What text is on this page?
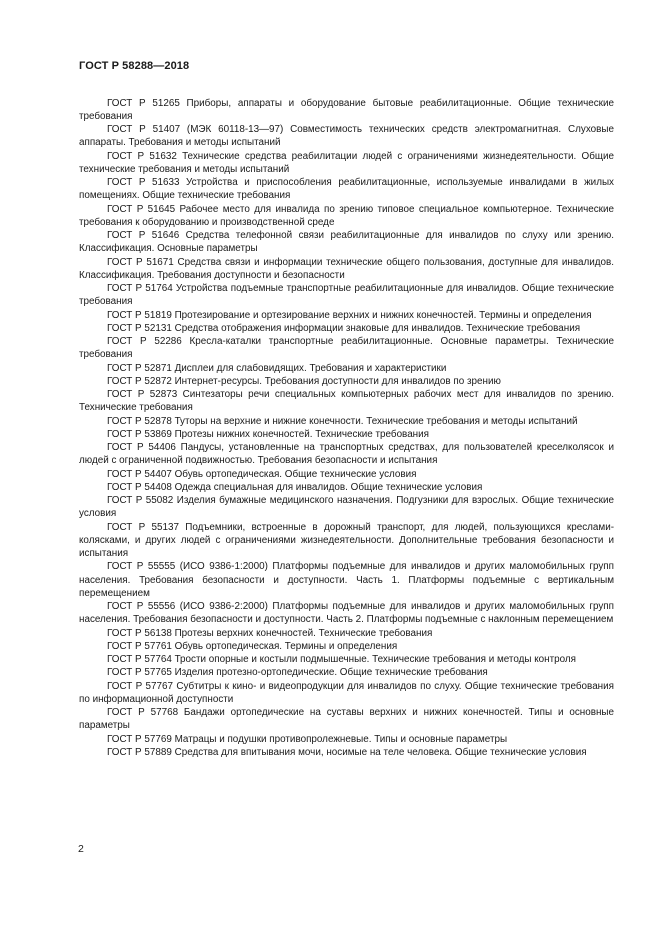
ГОСТ Р 58288—2018

ГОСТ Р 51265 Приборы, аппараты и оборудование бытовые реабилитационные. Общие технические требования

ГОСТ Р 51407 (МЭК 60118-13—97) Совместимость технических средств электромагнитная. Слуховые аппараты. Требования и методы испытаний

ГОСТ Р 51632 Технические средства реабилитации людей с ограничениями жизнедеятельности. Общие технические требования и методы испытаний

ГОСТ Р 51633 Устройства и приспособления реабилитационные, используемые инвалидами в жилых помещениях. Общие технические требования

ГОСТ Р 51645 Рабочее место для инвалида по зрению типовое специальное компьютерное. Технические требования к оборудованию и производственной среде

ГОСТ Р 51646 Средства телефонной связи реабилитационные для инвалидов по слуху или зрению. Классификация. Основные параметры

ГОСТ Р 51671 Средства связи и информации технические общего пользования, доступные для инвалидов. Классификация. Требования доступности и безопасности

ГОСТ Р 51764 Устройства подъемные транспортные реабилитационные для инвалидов. Общие технические требования

ГОСТ Р 51819 Протезирование и ортезирование верхних и нижних конечностей. Термины и определения

ГОСТ Р 52131 Средства отображения информации знаковые для инвалидов. Технические требования

ГОСТ Р 52286 Кресла-каталки транспортные реабилитационные. Основные параметры. Технические требования

ГОСТ Р 52871 Дисплеи для слабовидящих. Требования и характеристики

ГОСТ Р 52872 Интернет-ресурсы. Требования доступности для инвалидов по зрению

ГОСТ Р 52873 Синтезаторы речи специальных компьютерных рабочих мест для инвалидов по зрению. Технические требования

ГОСТ Р 52878 Туторы на верхние и нижние конечности. Технические требования и методы испытаний

ГОСТ Р 53869 Протезы нижних конечностей. Технические требования

ГОСТ Р 54406 Пандусы, установленные на транспортных средствах, для пользователей креселколясок и людей с ограниченной подвижностью. Требования безопасности и испытания

ГОСТ Р 54407 Обувь ортопедическая. Общие технические условия

ГОСТ Р 54408 Одежда специальная для инвалидов. Общие технические условия

ГОСТ Р 55082 Изделия бумажные медицинского назначения. Подгузники для взрослых. Общие технические условия

ГОСТ Р 55137 Подъемники, встроенные в дорожный транспорт, для людей, пользующихся креслами-колясками, и других людей с ограничениями жизнедеятельности. Дополнительные требования безопасности и испытания

ГОСТ Р 55555 (ИСО 9386-1:2000) Платформы подъемные для инвалидов и других маломобильных групп населения. Требования безопасности и доступности. Часть 1. Платформы подъемные с вертикальным перемещением

ГОСТ Р 55556 (ИСО 9386-2:2000) Платформы подъемные для инвалидов и других маломобильных групп населения. Требования безопасности и доступности. Часть 2. Платформы подъемные с наклонным перемещением

ГОСТ Р 56138 Протезы верхних конечностей. Технические требования

ГОСТ Р 57761 Обувь ортопедическая. Термины и определения

ГОСТ Р 57764 Трости опорные и костыли подмышечные. Технические требования и методы контроля

ГОСТ Р 57765 Изделия протезно-ортопедические. Общие технические требования

ГОСТ Р 57767 Субтитры к кино- и видеопродукции для инвалидов по слуху. Общие технические требования по информационной доступности

ГОСТ Р 57768 Бандажи ортопедические на суставы верхних и нижних конечностей. Типы и основные параметры

ГОСТ Р 57769 Матрацы и подушки противопролежневые. Типы и основные параметры

ГОСТ Р 57889 Средства для впитывания мочи, носимые на теле человека. Общие технические условия

2
